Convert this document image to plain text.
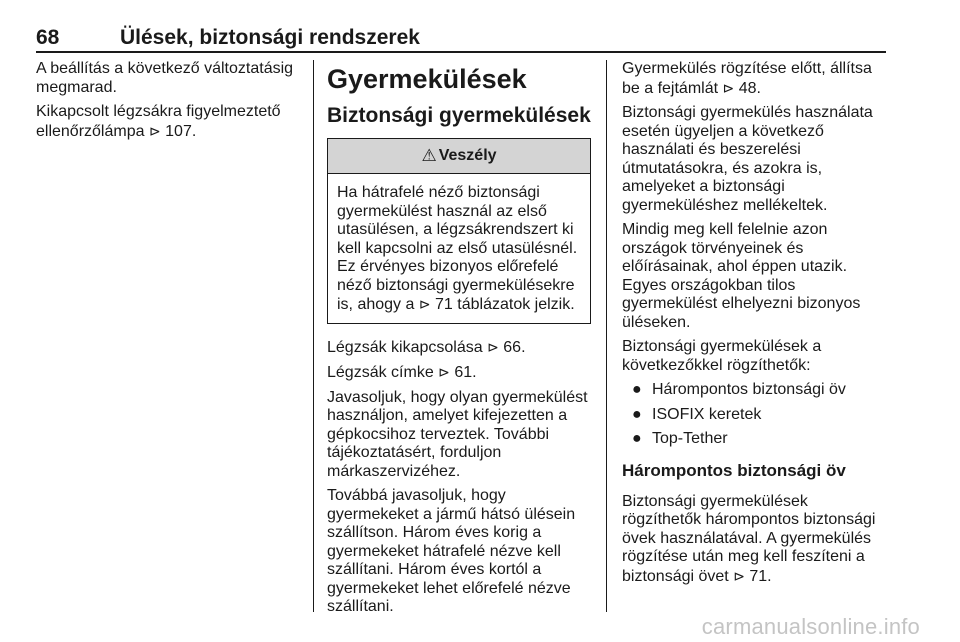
68	Ülések, biztonsági rendszerek

A beállítás a következő változtatásig megmarad.

Kikapcsolt légzsákra figyelmeztető ellenőrzőlámpa ⊳ 107.

Gyermekülések
Biztonsági gyermekülések
⚠ Veszély
Ha hátrafelé néző biztonsági gyermekülést használ az első utasülésen, a légzsákrendszert ki kell kapcsolni az első utasülésnél. Ez érvényes bizonyos előrefelé néző biztonsági gyermekülésekre is, ahogy a ⊳ 71 táblázatok jelzik.

Légzsák kikapcsolása ⊳ 66.

Légzsák címke ⊳ 61.

Javasoljuk, hogy olyan gyermekülést használjon, amelyet kifejezetten a gépkocsihoz terveztek. További tájékoztatásért, forduljon márkaszervizéhez.

Továbbá javasoljuk, hogy gyermekeket a jármű hátsó ülésein szállítson. Három éves korig a gyermekeket hátrafelé nézve kell szállítani. Három éves kortól a gyermekeket lehet előrefelé nézve szállítani.

Gyermekülés rögzítése előtt, állítsa be a fejtámlát ⊳ 48.

Biztonsági gyermekülés használata esetén ügyeljen a következő használati és beszerelési útmutatásokra, és azokra is, amelyeket a biztonsági gyermeküléshez mellékeltek.

Mindig meg kell felelnie azon országok törvényeinek és előírásainak, ahol éppen utazik. Egyes országokban tilos gyermekülést elhelyezni bizonyos üléseken.

Biztonsági gyermekülések a következőkkel rögzíthetők:

● Hárompontos biztonsági öv
● ISOFIX keretek
● Top-Tether
Hárompontos biztonsági öv

Biztonsági gyermekülések rögzíthetők hárompontos biztonsági övek használatával. A gyermekülés rögzítése után meg kell feszíteni a biztonsági övet ⊳ 71.

carmanualsonline.info
